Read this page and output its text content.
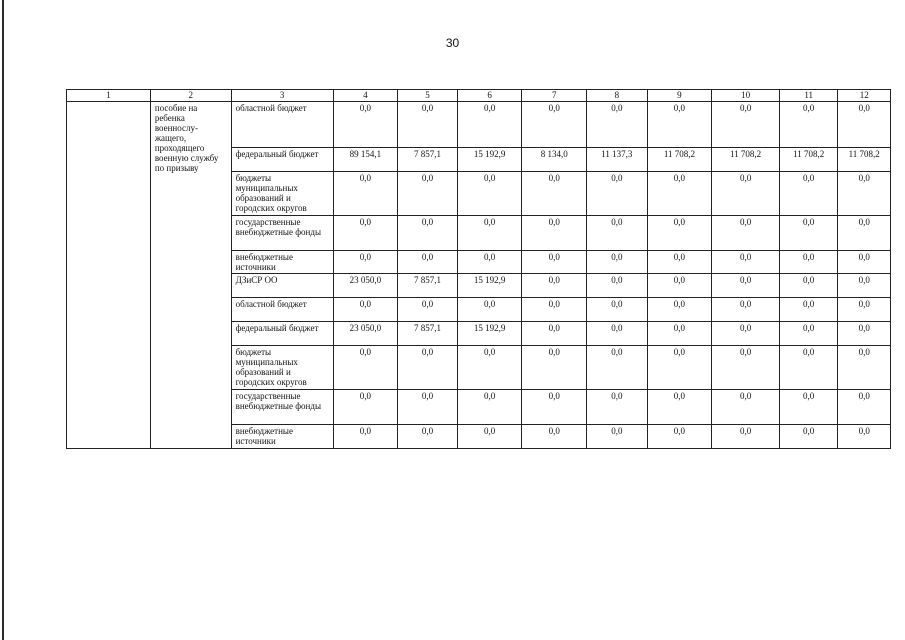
30
1	2	3	4	5	6	7	8	9	10	11	12
	пособие на ребенка военнослу-жащего, проходящего военную службу по призыву	областной бюджет	0,0	0,0	0,0	0,0	0,0	0,0	0,0	0,0	0,0
		федеральный бюджет	89 154,1	7 857,1	15 192,9	8 134,0	11 137,3	11 708,2	11 708,2	11 708,2	11 708,2
		бюджеты муниципальных образований и городских округов	0,0	0,0	0,0	0,0	0,0	0,0	0,0	0,0	0,0
		государственные внебюджетные фонды	0,0	0,0	0,0	0,0	0,0	0,0	0,0	0,0	0,0
		внебюджетные источники	0,0	0,0	0,0	0,0	0,0	0,0	0,0	0,0	0,0
		ДЗиСР ОО	23 050,0	7 857,1	15 192,9	0,0	0,0	0,0	0,0	0,0	0,0
		областной бюджет	0,0	0,0	0,0	0,0	0,0	0,0	0,0	0,0	0,0
		федеральный бюджет	23 050,0	7 857,1	15 192,9	0,0	0,0	0,0	0,0	0,0	0,0
		бюджеты муниципальных образований и городских округов	0,0	0,0	0,0	0,0	0,0	0,0	0,0	0,0	0,0
		государственные внебюджетные фонды	0,0	0,0	0,0	0,0	0,0	0,0	0,0	0,0	0,0
		внебюджетные источники	0,0	0,0	0,0	0,0	0,0	0,0	0,0	0,0	0,0
